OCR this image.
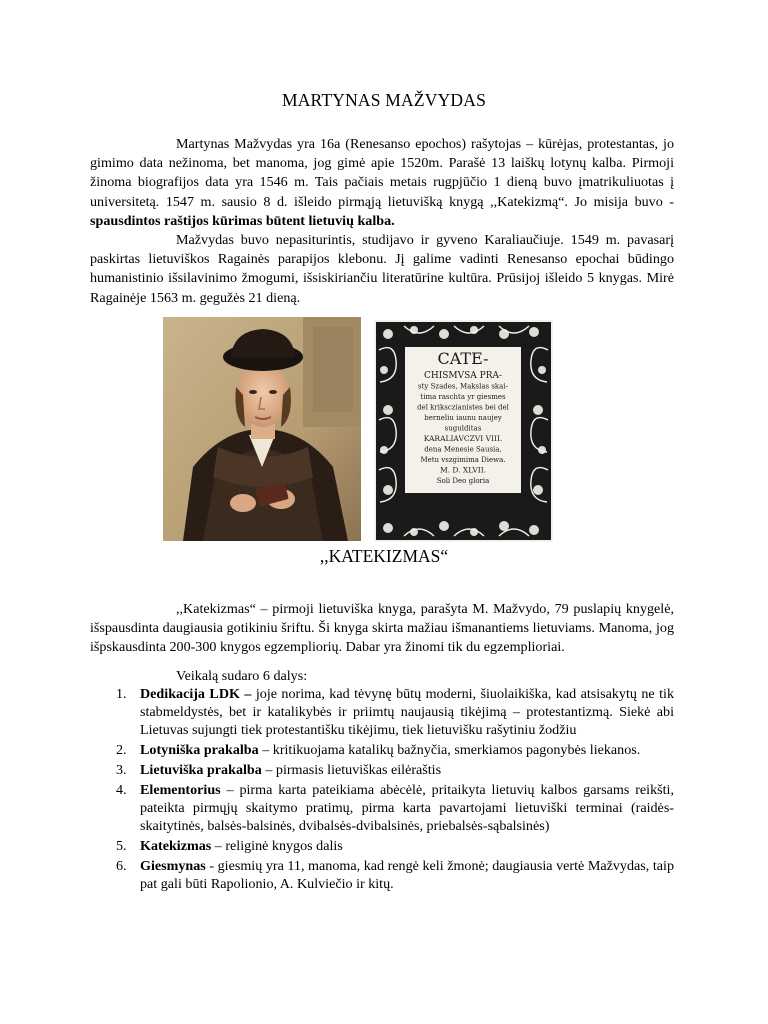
MARTYNAS MAŽVYDAS

Martynas Mažvydas yra 16a (Renesanso epochos) rašytojas – kūrėjas, protestantas, jo gimimo data nežinoma, bet manoma, jog gimė apie 1520m. Parašė 13 laiškų lotynų kalba. Pirmoji žinoma biografijos data yra 1546 m. Tais pačiais metais rugpjūčio 1 dieną buvo įmatrikuliuotas į universitetą. 1547 m. sausio 8 d. išleido pirmąją lietuvišką knygą ,,Katekizmą“. Jo misija buvo - spausdintos raštijos kūrimas būtent lietuvių kalba.

Mažvydas buvo nepasiturintis, studijavo ir gyveno Karaliaučiuje. 1549 m. pavasarį paskirtas lietuviškos Ragainės parapijos klebonu. Jį galime vadinti Renesanso epochai būdingo humanistinio išsilavinimo žmogumi, išsiskiriančiu literatūrine kultūra. Prūsijoj išleido 5 knygas. Mirė Ragainėje 1563 m. gegužės 21 dieną.

CATE-
CHISMVSA PRA-
sty Szades, Makslas skai-
tima raschta yr giesmes
del kriksczianistes bei del
berneliu iaunu naujey
sugulditas
KARALIAVCZVI VIII.
dena Menesie Sausia,
Metu vszgimima Diewa.
M. D. XLVII.
Soli Deo gloria
,,KATEKIZMAS“

,,Katekizmas“ – pirmoji lietuviška knyga, parašyta M. Mažvydo, 79 puslapių knygelė, išspausdinta daugiausia gotikiniu šriftu. Ši knyga skirta mažiau išmanantiems lietuviams. Manoma, jog išpskausdinta 200-300 knygos egzempliorių. Dabar yra žinomi tik du egzemplioriai.

Veikalą sudaro 6 dalys:

1. Dedikacija LDK – joje norima, kad tėvynę būtų moderni, šiuolaikiška, kad atsisakytų ne tik stabmeldystės, bet ir katalikybės ir priimtų naujausią tikėjimą – protestantizmą. Siekė abi Lietuvas sujungti tiek protestantišku tikėjimu, tiek lietuvišku rašytiniu žodžiu
2. Lotyniška prakalba – kritikuojama katalikų bažnyčia, smerkiamos pagonybės liekanos.
3. Lietuviška prakalba – pirmasis lietuviškas eilėraštis
4. Elementorius – pirma karta pateikiama abėcėlė, pritaikyta lietuvių kalbos garsams reikšti, pateikta pirmųjų skaitymo pratimų, pirma karta pavartojami lietuviški terminai (raidės-skaitytinės, balsės-balsinės, dvibalsės-dvibalsinės, priebalsės-sąbalsinės)
5. Katekizmas – religinė knygos dalis
6. Giesmynas - giesmių yra 11, manoma, kad rengė keli žmonė; daugiausia vertė Mažvydas, taip pat gali būti Rapolionio, A. Kulviečio ir kitų.
